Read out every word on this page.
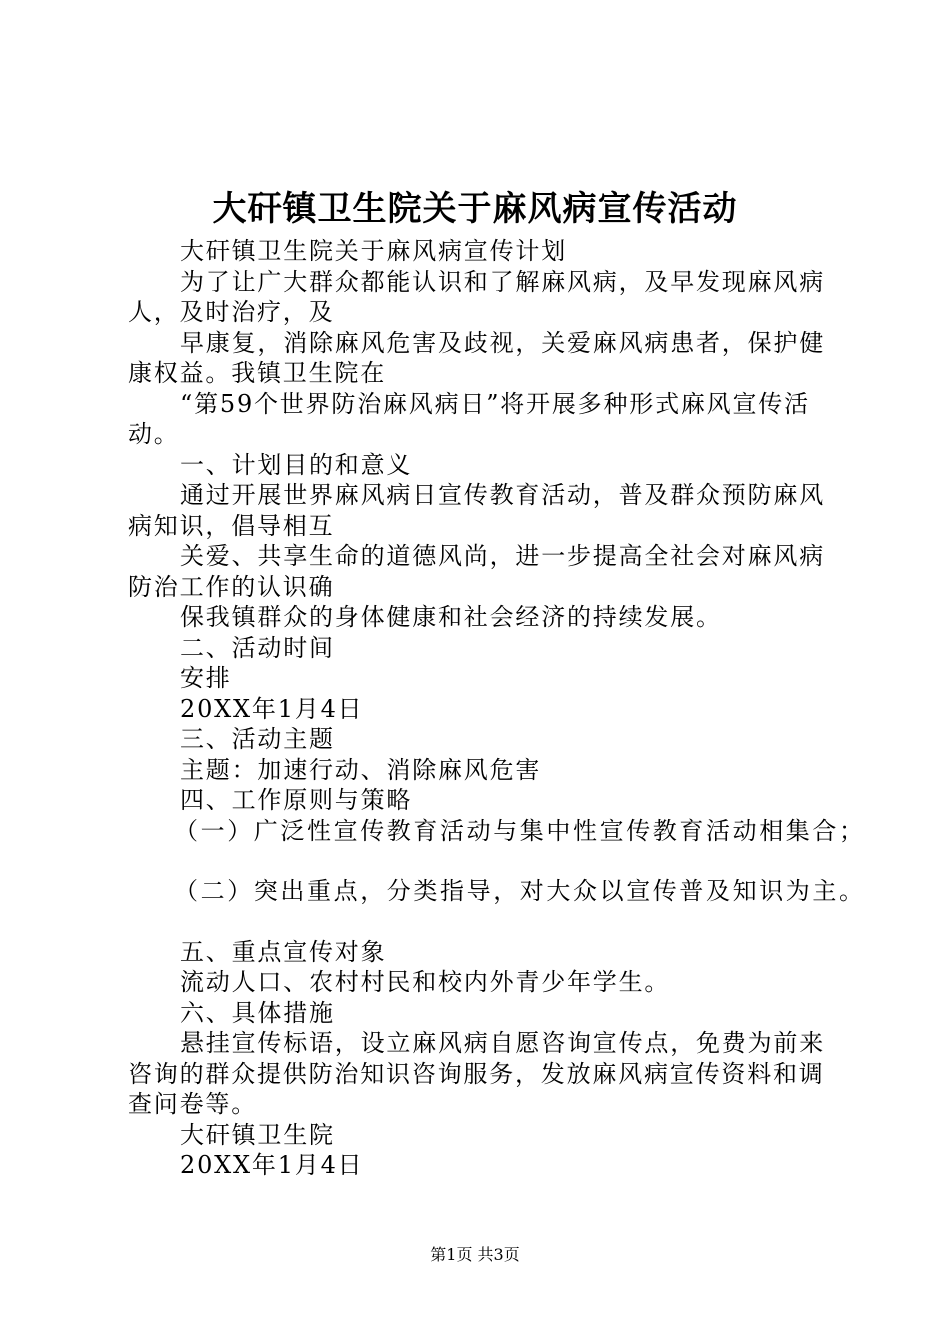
大矸镇卫生院关于麻风病宣传活动

大矸镇卫生院关于麻风病宣传计划

为了让广大群众都能认识和了解麻风病，及早发现麻风病人，及时治疗，及

早康复，消除麻风危害及歧视，关爱麻风病患者，保护健康权益。我镇卫生院在

“第59个世界防治麻风病日”将开展多种形式麻风宣传活动。

一、计划目的和意义

通过开展世界麻风病日宣传教育活动，普及群众预防麻风病知识，倡导相互

关爱、共享生命的道德风尚，进一步提高全社会对麻风病防治工作的认识确

保我镇群众的身体健康和社会经济的持续发展。

二、活动时间

安排

20XX年1月4日

三、活动主题

主题：加速行动、消除麻风危害

四、工作原则与策略

（一）广泛性宣传教育活动与集中性宣传教育活动相集合；

（二）突出重点，分类指导，对大众以宣传普及知识为主。

五、重点宣传对象

流动人口、农村村民和校内外青少年学生。

六、具体措施

悬挂宣传标语，设立麻风病自愿咨询宣传点，免费为前来咨询的群众提供防治知识咨询服务，发放麻风病宣传资料和调查问卷等。

大矸镇卫生院

20XX年1月4日

第1页 共3页
